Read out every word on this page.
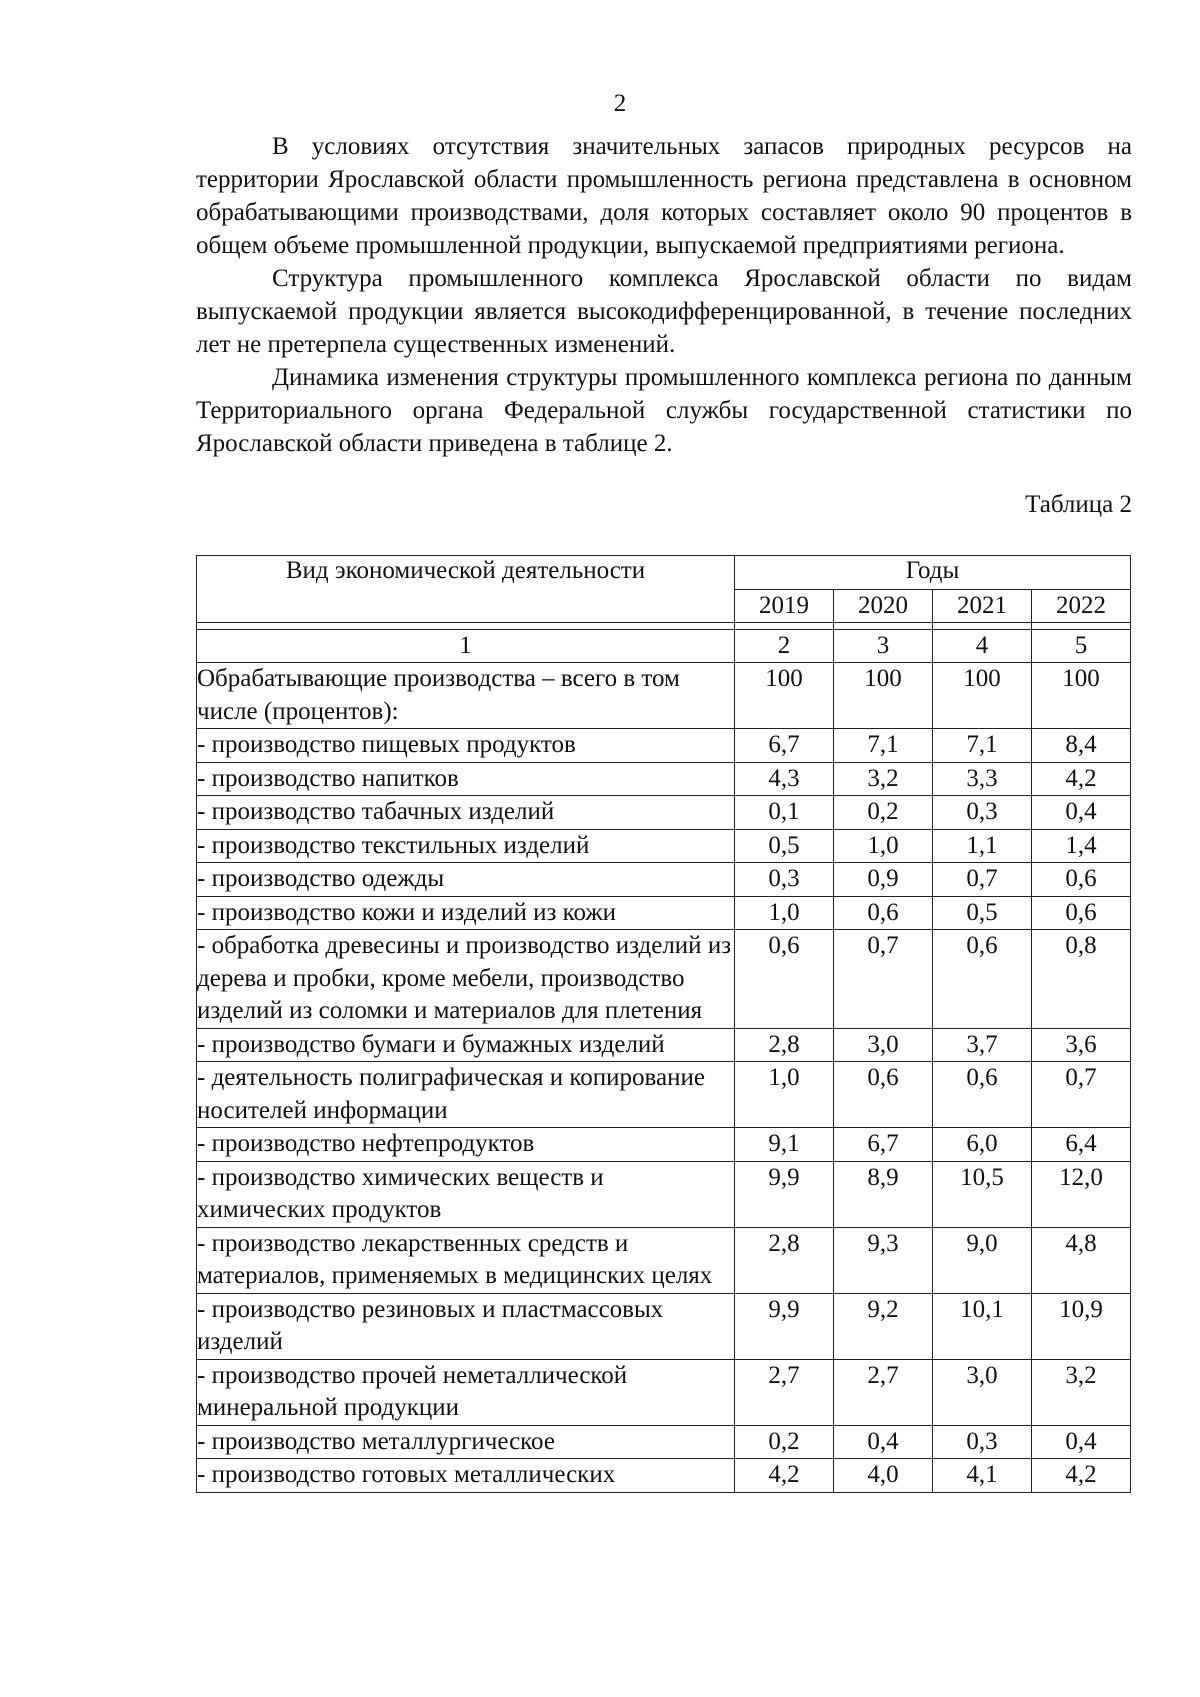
2

В условиях отсутствия значительных запасов природных ресурсов на территории Ярославской области промышленность региона представлена в основном обрабатывающими производствами, доля которых составляет около 90 процентов в общем объеме промышленной продукции, выпускаемой предприятиями региона.

Структура промышленного комплекса Ярославской области по видам выпускаемой продукции является высокодифференцированной, в течение последних лет не претерпела существенных изменений.

Динамика изменения структуры промышленного комплекса региона по данным Территориального органа Федеральной службы государственной статистики по Ярославской области приведена в таблице 2.

Таблица 2
Вид экономической деятельности	Годы			
	2019	2020	2021	2022

1	2	3	4	5
Обрабатывающие производства – всего в том числе (процентов):	100	100	100	100
- производство пищевых продуктов	6,7	7,1	7,1	8,4
- производство напитков	4,3	3,2	3,3	4,2
- производство табачных изделий	0,1	0,2	0,3	0,4
- производство текстильных изделий	0,5	1,0	1,1	1,4
- производство одежды	0,3	0,9	0,7	0,6
- производство кожи и изделий из кожи	1,0	0,6	0,5	0,6
- обработка древесины и производство изделий из дерева и пробки, кроме мебели, производство изделий из соломки и материалов для плетения	0,6	0,7	0,6	0,8
- производство бумаги и бумажных изделий	2,8	3,0	3,7	3,6
- деятельность полиграфическая и копирование носителей информации	1,0	0,6	0,6	0,7
- производство нефтепродуктов	9,1	6,7	6,0	6,4
- производство химических веществ и химических продуктов	9,9	8,9	10,5	12,0
- производство лекарственных средств и материалов, применяемых в медицинских целях	2,8	9,3	9,0	4,8
- производство резиновых и пластмассовых изделий	9,9	9,2	10,1	10,9
- производство прочей неметаллической минеральной продукции	2,7	2,7	3,0	3,2
- производство металлургическое	0,2	0,4	0,3	0,4
- производство готовых металлических	4,2	4,0	4,1	4,2
